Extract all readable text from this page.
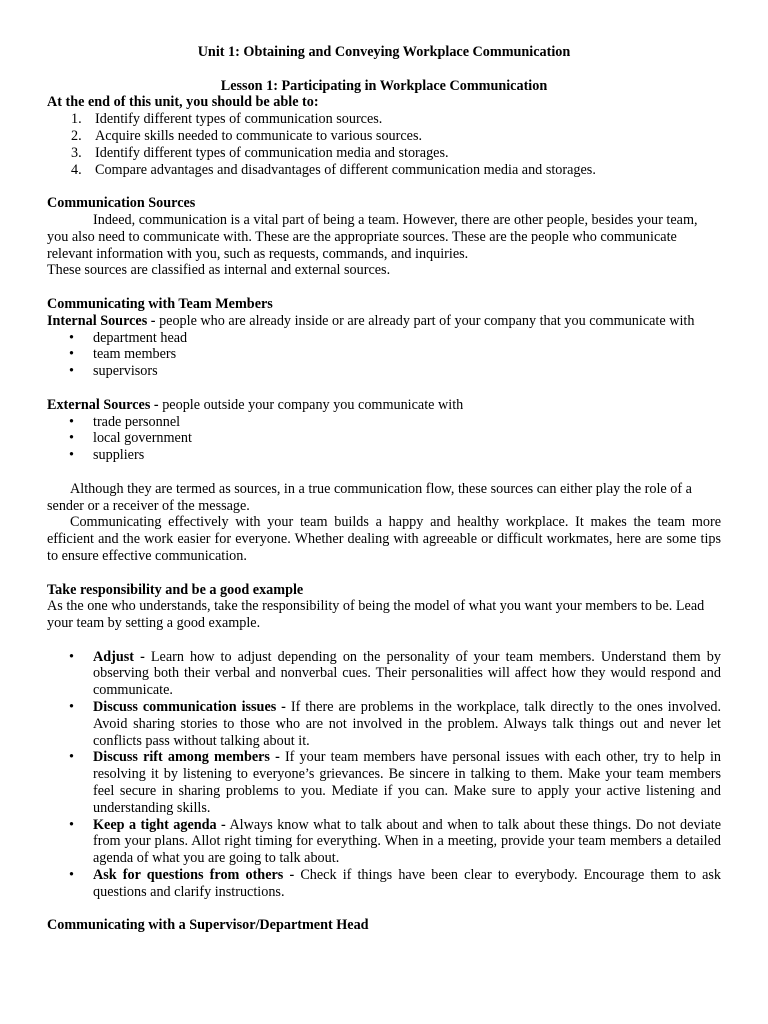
Unit 1: Obtaining and Conveying Workplace Communication

Lesson 1: Participating in Workplace Communication

At the end of this unit, you should be able to:

1. Identify different types of communication sources.
2. Acquire skills needed to communicate to various sources.
3. Identify different types of communication media and storages.
4. Compare advantages and disadvantages of different communication media and storages.

Communication Sources

Indeed, communication is a vital part of being a team. However, there are other people, besides your team, you also need to communicate with. These are the appropriate sources. These are the people who communicate relevant information with you, such as requests, commands, and inquiries.

These sources are classified as internal and external sources.

Communicating with Team Members

Internal Sources - people who are already inside or are already part of your company that you communicate with

• department head
• team members
• supervisors

External Sources - people outside your company you communicate with

• trade personnel
• local government
• suppliers

Although they are termed as sources, in a true communication flow, these sources can either play the role of a sender or a receiver of the message.

Communicating effectively with your team builds a happy and healthy workplace. It makes the team more efficient and the work easier for everyone. Whether dealing with agreeable or difficult workmates, here are some tips to ensure effective communication.

Take responsibility and be a good example

As the one who understands, take the responsibility of being the model of what you want your members to be. Lead your team by setting a good example.

• Adjust - Learn how to adjust depending on the personality of your team members. Understand them by observing both their verbal and nonverbal cues. Their personalities will affect how they would respond and communicate.
• Discuss communication issues - If there are problems in the workplace, talk directly to the ones involved. Avoid sharing stories to those who are not involved in the problem. Always talk things out and never let conflicts pass without talking about it.
• Discuss rift among members - If your team members have personal issues with each other, try to help in resolving it by listening to everyone’s grievances. Be sincere in talking to them. Make your team members feel secure in sharing problems to you. Mediate if you can. Make sure to apply your active listening and understanding skills.
• Keep a tight agenda - Always know what to talk about and when to talk about these things. Do not deviate from your plans. Allot right timing for everything. When in a meeting, provide your team members a detailed agenda of what you are going to talk about.
• Ask for questions from others - Check if things have been clear to everybody. Encourage them to ask questions and clarify instructions.

Communicating with a Supervisor/Department Head
